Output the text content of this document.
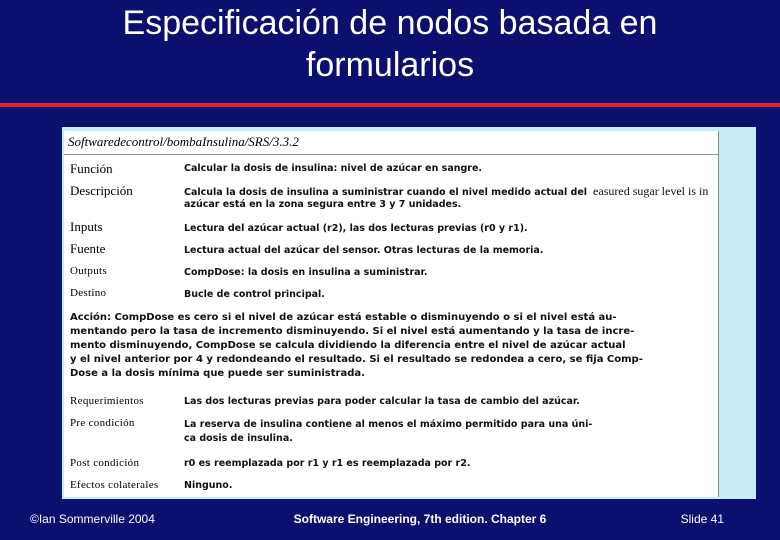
Especificación de nodos basada en
formularios
Softwaredecontrol/bombaInsulina/SRS/3.3.2
Función	Calcular la dosis de insulina: nivel de azúcar en sangre.
Descripción	Calcula la dosis de insulina a suministrar cuando el nivel medido actual del easured sugar level is in
azúcar está en la zona segura entre 3 y 7 unidades.
Inputs	Lectura del azúcar actual (r2), las dos lecturas previas (r0 y r1).
Fuente	Lectura actual del azúcar del sensor. Otras lecturas de la memoria.
Outputs	CompDose: la dosis en insulina a suministrar.
Destino	Bucle de control principal.
Acción: CompDose es cero si el nivel de azúcar está estable o disminuyendo o si el nivel está au-
mentando pero la tasa de incremento disminuyendo. Si el nivel está aumentando y la tasa de incre-
mento disminuyendo, CompDose se calcula dividiendo la diferencia entre el nivel de azúcar actual
y el nivel anterior por 4 y redondeando el resultado. Si el resultado se redondea a cero, se fija Comp-
Dose a la dosis mínima que puede ser suministrada.
Requerimientos	Las dos lecturas previas para poder calcular la tasa de cambio del azúcar.
Pre condición	La reserva de insulina contiene al menos el máximo permitido para una úni-
ca dosis de insulina.
Post condición	r0 es reemplazada por r1 y r1 es reemplazada por r2.
Efectos colaterales	Ninguno.
©Ian Sommerville 2004	Software Engineering, 7th edition. Chapter 6	Slide 41
